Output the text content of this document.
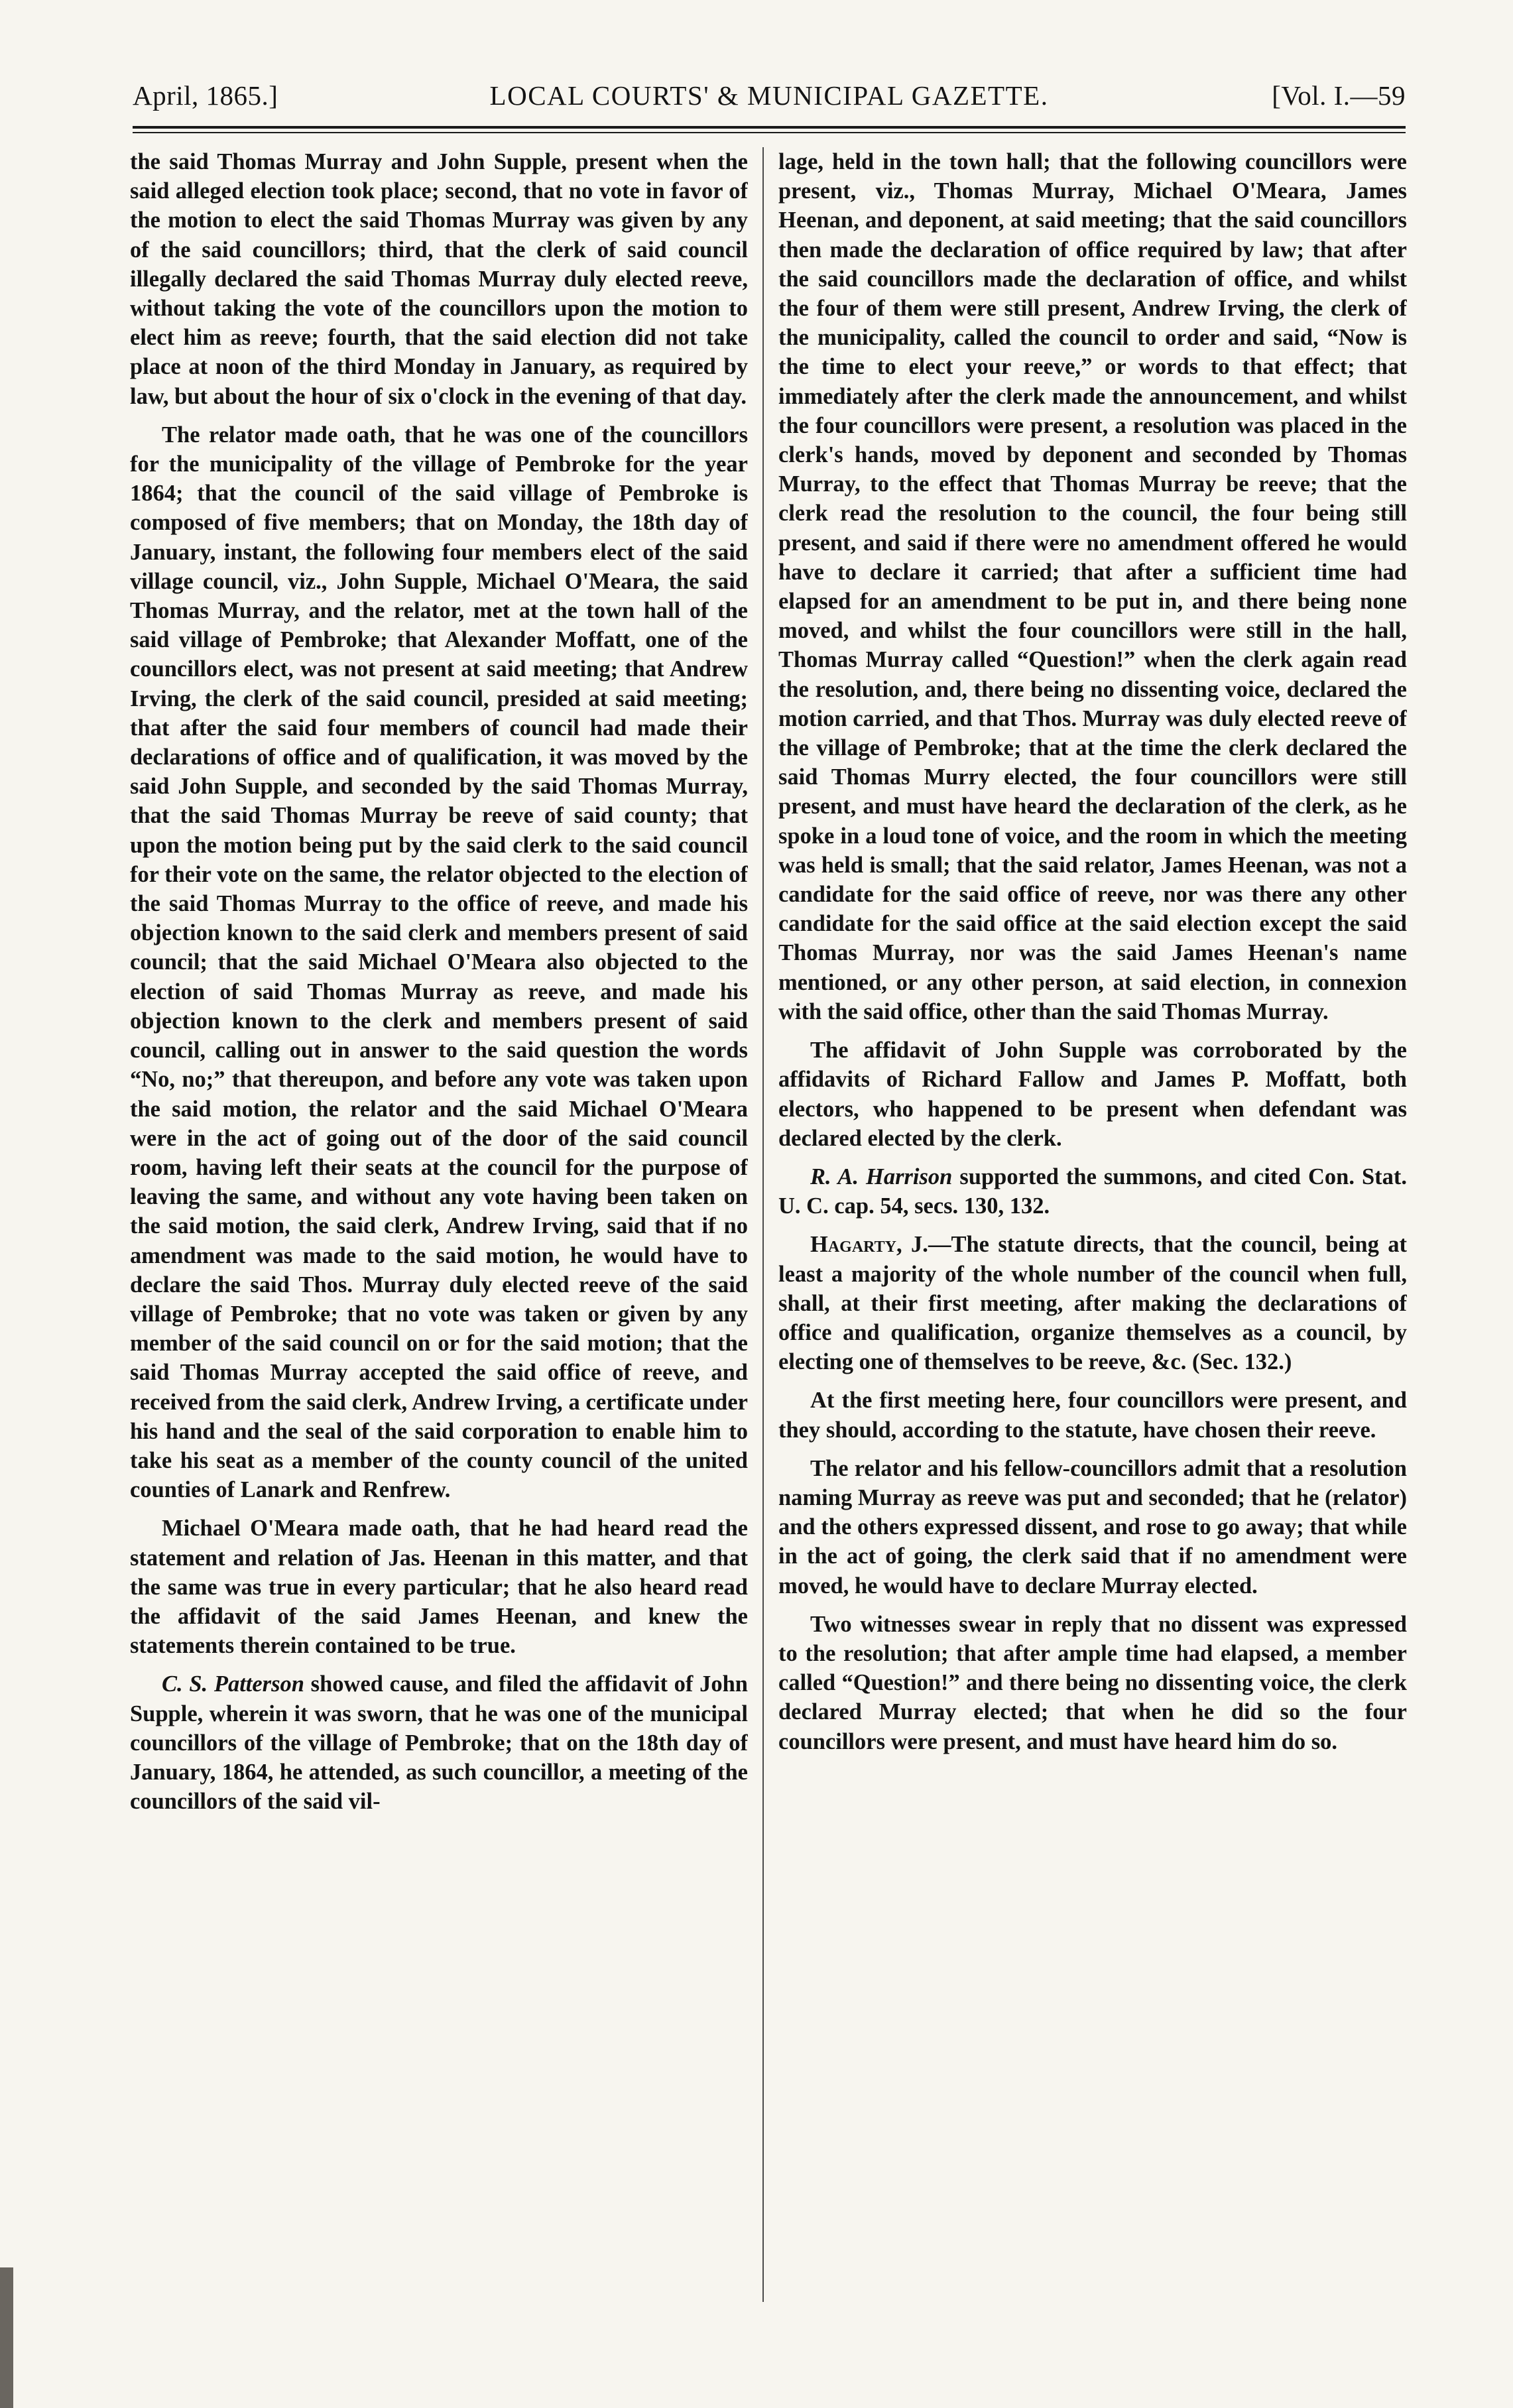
April, 1865.]	LOCAL COURTS' & MUNICIPAL GAZETTE.	[Vol. I.—59

the said Thomas Murray and John Supple, present when the said alleged election took place; second, that no vote in favor of the motion to elect the said Thomas Murray was given by any of the said councillors; third, that the clerk of said council illegally declared the said Thomas Murray duly elected reeve, without taking the vote of the councillors upon the motion to elect him as reeve; fourth, that the said election did not take place at noon of the third Monday in January, as required by law, but about the hour of six o'clock in the evening of that day.

The relator made oath, that he was one of the councillors for the municipality of the village of Pembroke for the year 1864; that the council of the said village of Pembroke is composed of five members; that on Monday, the 18th day of January, instant, the following four members elect of the said village council, viz., John Supple, Michael O'Meara, the said Thomas Murray, and the relator, met at the town hall of the said village of Pembroke; that Alexander Moffatt, one of the councillors elect, was not present at said meeting; that Andrew Irving, the clerk of the said council, presided at said meeting; that after the said four members of council had made their declarations of office and of qualification, it was moved by the said John Supple, and seconded by the said Thomas Murray, that the said Thomas Murray be reeve of said county; that upon the motion being put by the said clerk to the said council for their vote on the same, the relator objected to the election of the said Thomas Murray to the office of reeve, and made his objection known to the said clerk and members present of said council; that the said Michael O'Meara also objected to the election of said Thomas Murray as reeve, and made his objection known to the clerk and members present of said council, calling out in answer to the said question the words “No, no;” that thereupon, and before any vote was taken upon the said motion, the relator and the said Michael O'Meara were in the act of going out of the door of the said council room, having left their seats at the council for the purpose of leaving the same, and without any vote having been taken on the said motion, the said clerk, Andrew Irving, said that if no amendment was made to the said motion, he would have to declare the said Thos. Murray duly elected reeve of the said village of Pembroke; that no vote was taken or given by any member of the said council on or for the said motion; that the said Thomas Murray accepted the said office of reeve, and received from the said clerk, Andrew Irving, a certificate under his hand and the seal of the said corporation to enable him to take his seat as a member of the county council of the united counties of Lanark and Renfrew.

Michael O'Meara made oath, that he had heard read the statement and relation of Jas. Heenan in this matter, and that the same was true in every particular; that he also heard read the affidavit of the said James Heenan, and knew the statements therein contained to be true.

C. S. Patterson showed cause, and filed the affidavit of John Supple, wherein it was sworn, that he was one of the municipal councillors of the village of Pembroke; that on the 18th day of January, 1864, he attended, as such councillor, a meeting of the councillors of the said vil-

lage, held in the town hall; that the following councillors were present, viz., Thomas Murray, Michael O'Meara, James Heenan, and deponent, at said meeting; that the said councillors then made the declaration of office required by law; that after the said councillors made the declaration of office, and whilst the four of them were still present, Andrew Irving, the clerk of the municipality, called the council to order and said, “Now is the time to elect your reeve,” or words to that effect; that immediately after the clerk made the announcement, and whilst the four councillors were present, a resolution was placed in the clerk's hands, moved by deponent and seconded by Thomas Murray, to the effect that Thomas Murray be reeve; that the clerk read the resolution to the council, the four being still present, and said if there were no amendment offered he would have to declare it carried; that after a sufficient time had elapsed for an amendment to be put in, and there being none moved, and whilst the four councillors were still in the hall, Thomas Murray called “Question!” when the clerk again read the resolution, and, there being no dissenting voice, declared the motion carried, and that Thos. Murray was duly elected reeve of the village of Pembroke; that at the time the clerk declared the said Thomas Murry elected, the four councillors were still present, and must have heard the declaration of the clerk, as he spoke in a loud tone of voice, and the room in which the meeting was held is small; that the said relator, James Heenan, was not a candidate for the said office of reeve, nor was there any other candidate for the said office at the said election except the said Thomas Murray, nor was the said James Heenan's name mentioned, or any other person, at said election, in connexion with the said office, other than the said Thomas Murray.

The affidavit of John Supple was corroborated by the affidavits of Richard Fallow and James P. Moffatt, both electors, who happened to be present when defendant was declared elected by the clerk.

R. A. Harrison supported the summons, and cited Con. Stat. U. C. cap. 54, secs. 130, 132.

Hagarty, J.—The statute directs, that the council, being at least a majority of the whole number of the council when full, shall, at their first meeting, after making the declarations of office and qualification, organize themselves as a council, by electing one of themselves to be reeve, &c. (Sec. 132.)

At the first meeting here, four councillors were present, and they should, according to the statute, have chosen their reeve.

The relator and his fellow-councillors admit that a resolution naming Murray as reeve was put and seconded; that he (relator) and the others expressed dissent, and rose to go away; that while in the act of going, the clerk said that if no amendment were moved, he would have to declare Murray elected.

Two witnesses swear in reply that no dissent was expressed to the resolution; that after ample time had elapsed, a member called “Question!” and there being no dissenting voice, the clerk declared Murray elected; that when he did so the four councillors were present, and must have heard him do so.
